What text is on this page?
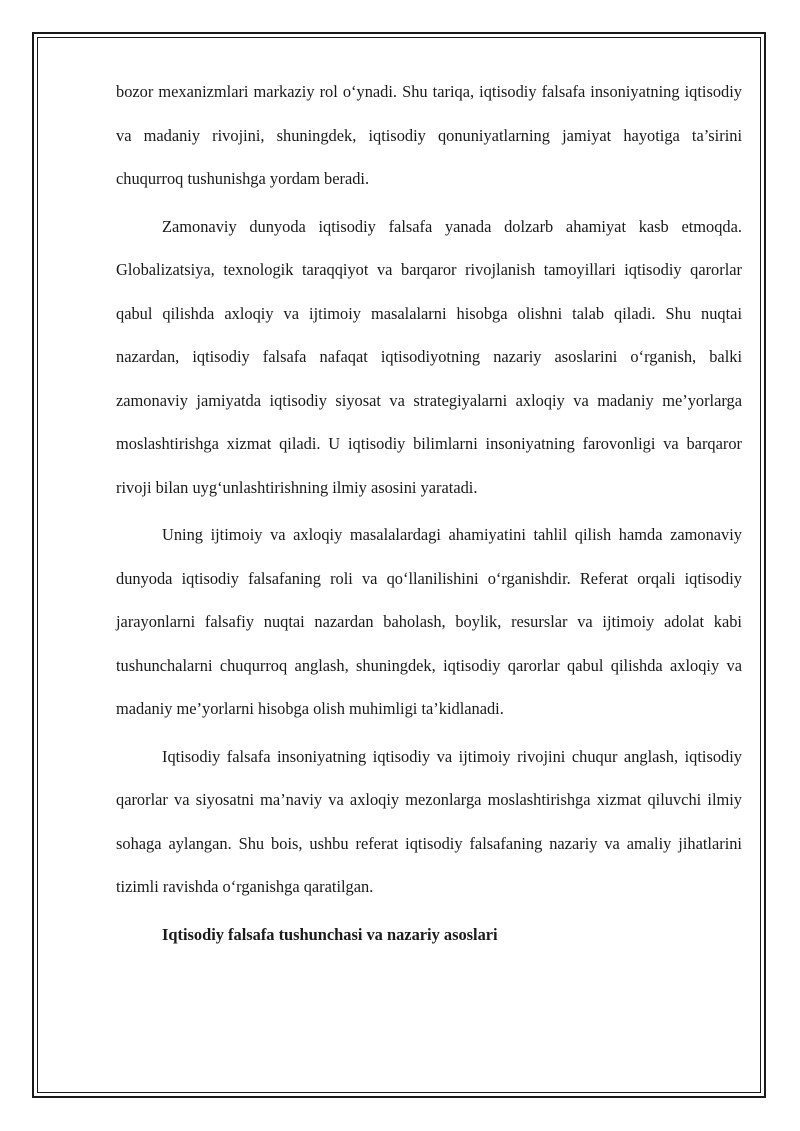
bozor mexanizmlari markaziy rol o‘ynadi. Shu tariqa, iqtisodiy falsafa insoniyatning iqtisodiy va madaniy rivojini, shuningdek, iqtisodiy qonuniyatlarning jamiyat hayotiga ta’sirini chuqurroq tushunishga yordam beradi.

Zamonaviy dunyoda iqtisodiy falsafa yanada dolzarb ahamiyat kasb etmoqda. Globalizatsiya, texnologik taraqqiyot va barqaror rivojlanish tamoyillari iqtisodiy qarorlar qabul qilishda axloqiy va ijtimoiy masalalarni hisobga olishni talab qiladi. Shu nuqtai nazardan, iqtisodiy falsafa nafaqat iqtisodiyotning nazariy asoslarini o‘rganish, balki zamonaviy jamiyatda iqtisodiy siyosat va strategiyalarni axloqiy va madaniy me’yorlarga moslashtirishga xizmat qiladi. U iqtisodiy bilimlarni insoniyatning farovonligi va barqaror rivoji bilan uyg‘unlashtirishning ilmiy asosini yaratadi.

Uning ijtimoiy va axloqiy masalalardagi ahamiyatini tahlil qilish hamda zamonaviy dunyoda iqtisodiy falsafaning roli va qo‘llanilishini o‘rganishdir. Referat orqali iqtisodiy jarayonlarni falsafiy nuqtai nazardan baholash, boylik, resurslar va ijtimoiy adolat kabi tushunchalarni chuqurroq anglash, shuningdek, iqtisodiy qarorlar qabul qilishda axloqiy va madaniy me’yorlarni hisobga olish muhimligi ta’kidlanadi.

Iqtisodiy falsafa insoniyatning iqtisodiy va ijtimoiy rivojini chuqur anglash, iqtisodiy qarorlar va siyosatni ma’naviy va axloqiy mezonlarga moslashtirishga xizmat qiluvchi ilmiy sohaga aylangan. Shu bois, ushbu referat iqtisodiy falsafaning nazariy va amaliy jihatlarini tizimli ravishda o‘rganishga qaratilgan.

Iqtisodiy falsafa tushunchasi va nazariy asoslari
